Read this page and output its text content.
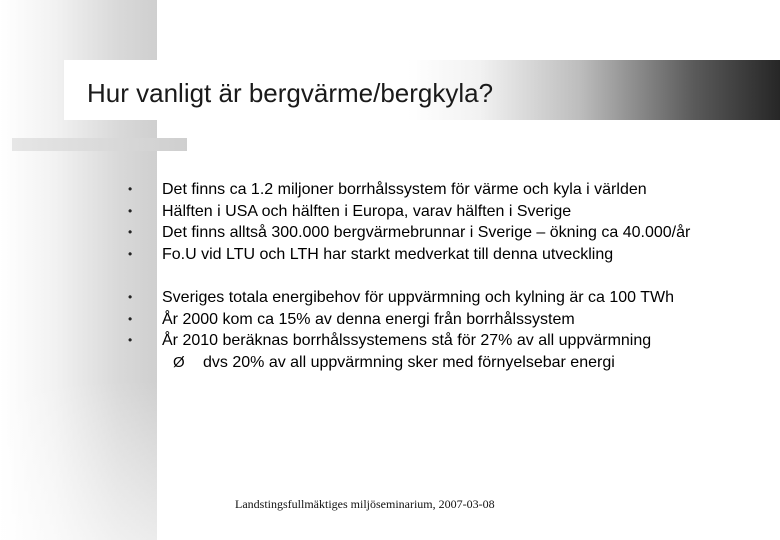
Hur vanligt är bergvärme/bergkyla?
•	Det finns ca 1.2 miljoner borrhålssystem för värme och kyla i världen
•	Hälften i USA och hälften i Europa, varav hälften i Sverige
•	Det finns alltså 300.000 bergvärmebrunnar i Sverige – ökning ca 40.000/år
•	Fo.U vid LTU och LTH har starkt medverkat till denna utveckling
•	Sveriges totala energibehov för uppvärmning och kylning är ca 100 TWh
•	År 2000 kom ca 15% av denna energi från borrhålssystem
•	År 2010 beräknas borrhålssystemens stå för 27% av all uppvärmning
Ø dvs 20% av all uppvärmning sker med förnyelsebar energi
Landstingsfullmäktiges miljöseminarium, 2007-03-08
